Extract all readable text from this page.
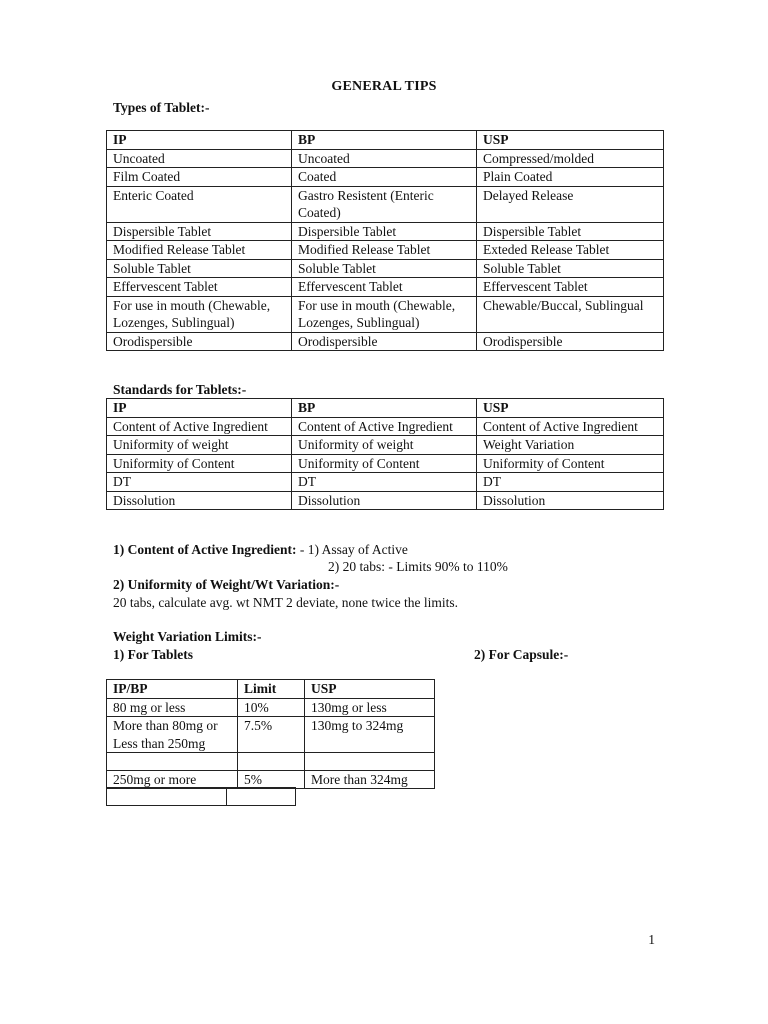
GENERAL TIPS
Types of Tablet:-
IP	BP	USP
Uncoated	Uncoated	Compressed/molded
Film Coated	Coated	Plain Coated
Enteric Coated	Gastro Resistent (Enteric Coated)	Delayed Release
Dispersible Tablet	Dispersible Tablet	Dispersible Tablet
Modified Release Tablet	Modified Release Tablet	Exteded Release Tablet
Soluble Tablet	Soluble Tablet	Soluble Tablet
Effervescent Tablet	Effervescent Tablet	Effervescent Tablet
For use in mouth (Chewable, Lozenges, Sublingual)	For use in mouth (Chewable, Lozenges, Sublingual)	Chewable/Buccal, Sublingual
Orodispersible	Orodispersible	Orodispersible
Standards for Tablets:-
IP	BP	USP
Content of Active Ingredient	Content of Active Ingredient	Content of Active Ingredient
Uniformity of weight	Uniformity of weight	Weight Variation
Uniformity of Content	Uniformity of Content	Uniformity of Content
DT	DT	DT
Dissolution	Dissolution	Dissolution
1) Content of Active Ingredient: - 1) Assay of Active
2) 20 tabs: - Limits 90% to 110%
2) Uniformity of Weight/Wt Variation:-
20 tabs, calculate avg. wt NMT 2 deviate, none twice the limits.
Weight Variation Limits:-
1) For Tablets	2) For Capsule:-
IP/BP	Limit	USP
80 mg or less	10%	130mg or less
More than 80mg or Less than 250mg	7.5%	130mg to 324mg

250mg or more	5%	More than 324mg

1
